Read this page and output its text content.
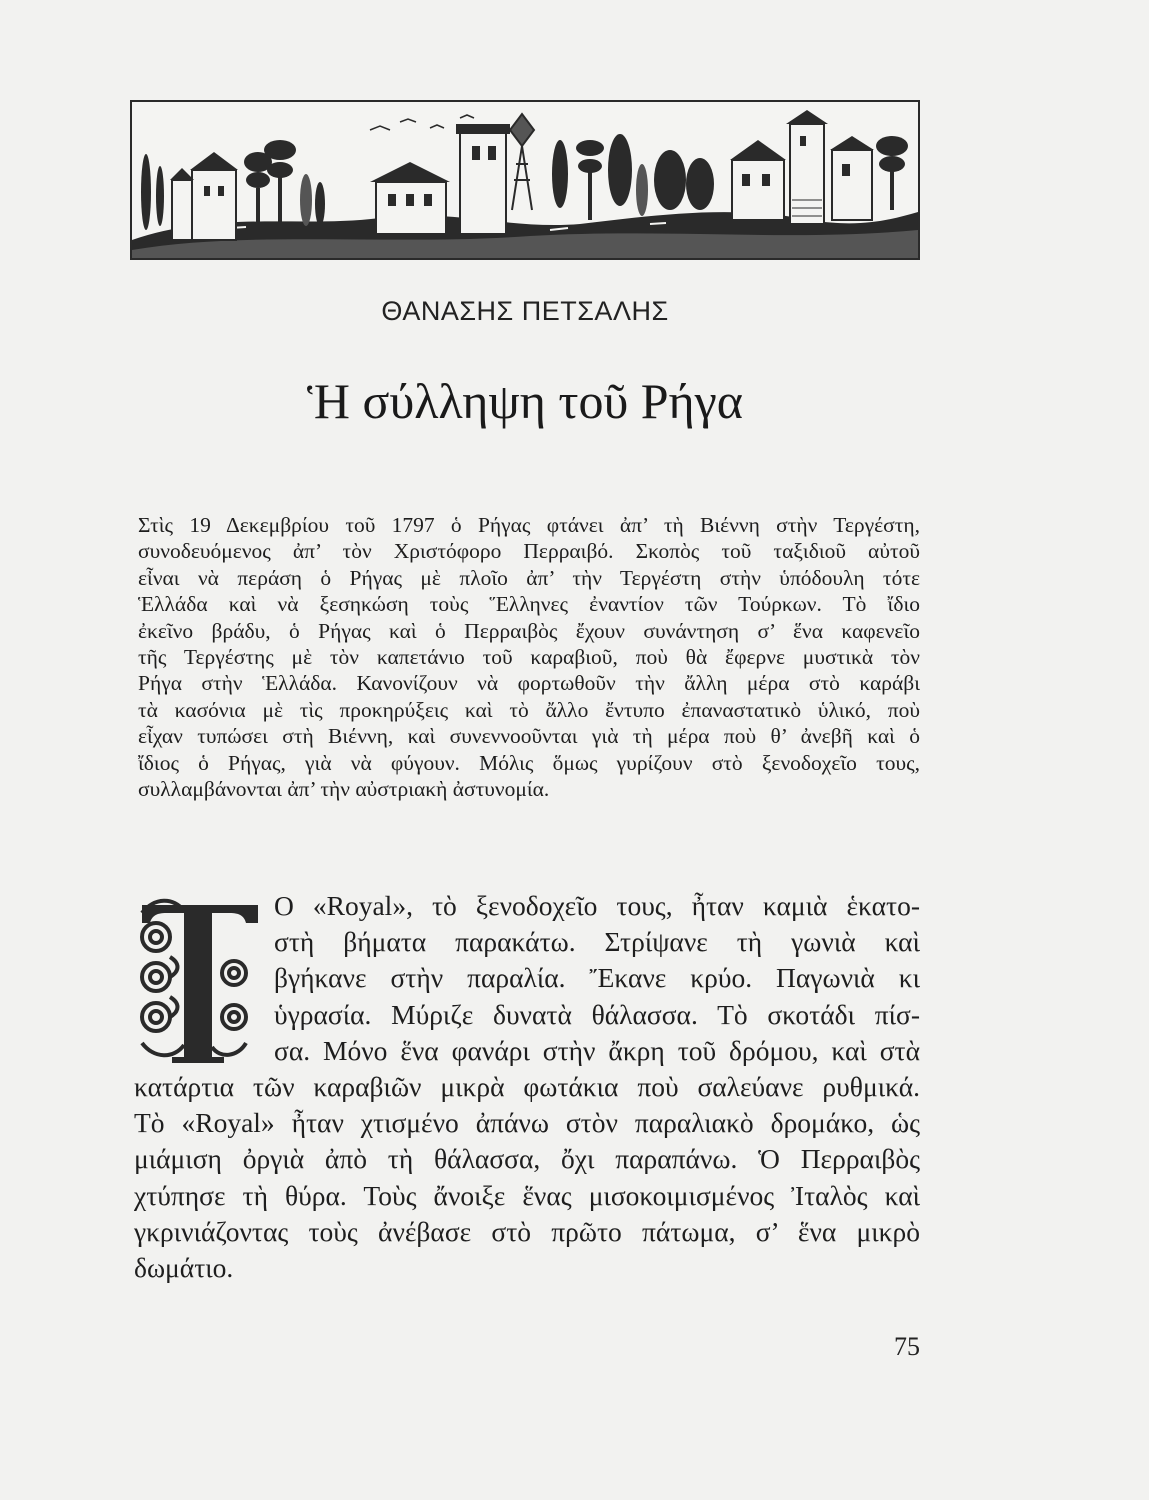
ΘΑΝΑΣΗΣ ΠΕΤΣΑΛΗΣ
Ἡ σύλληψη τοῦ Ρήγα
Στὶς 19 Δεκεμβρίου τοῦ 1797 ὁ Ρήγας φτάνει ἀπ’ τὴ Βιέννη στὴν Τεργέστη,
συνοδευόμενος ἀπ’ τὸν Χριστόφορο Περραιβό. Σκοπὸς τοῦ ταξιδιοῦ αὐτοῦ
εἶναι νὰ περάση ὁ Ρήγας μὲ πλοῖο ἀπ’ τὴν Τεργέστη στὴν ὑπόδουλη τότε
Ἑλλάδα καὶ νὰ ξεσηκώση τοὺς Ἕλληνες ἐναντίον τῶν Τούρκων. Τὸ ἴδιο
ἐκεῖνο βράδυ, ὁ Ρήγας καὶ ὁ Περραιβὸς ἔχουν συνάντηση σ’ ἕνα καφενεῖο
τῆς Τεργέστης μὲ τὸν καπετάνιο τοῦ καραβιοῦ, ποὺ θὰ ἔφερνε μυστικὰ τὸν
Ρήγα στὴν Ἑλλάδα. Κανονίζουν νὰ φορτωθοῦν τὴν ἄλλη μέρα στὸ καράβι
τὰ κασόνια μὲ τὶς προκηρύξεις καὶ τὸ ἄλλο ἔντυπο ἐπαναστατικὸ ὑλικό, ποὺ
εἶχαν τυπώσει στὴ Βιέννη, καὶ συνεννοοῦνται γιὰ τὴ μέρα ποὺ θ’ ἀνεβῆ καὶ ὁ
ἴδιος ὁ Ρήγας, γιὰ νὰ φύγουν. Μόλις ὅμως γυρίζουν στὸ ξενοδοχεῖο τους,
συλλαμβάνονται ἀπ’ τὴν αὐστριακὴ ἀστυνομία.
Ο «Royal», τὸ ξενοδοχεῖο τους, ἦταν καμιὰ ἑκατο-
στὴ βήματα παρακάτω. Στρίψανε τὴ γωνιὰ καὶ
βγήκανε στὴν παραλία. Ἔκανε κρύο. Παγωνιὰ κι
ὑγρασία. Μύριζε δυνατὰ θάλασσα. Τὸ σκοτάδι πίσ-
σα. Μόνο ἕνα φανάρι στὴν ἄκρη τοῦ δρόμου, καὶ στὰ
κατάρτια τῶν καραβιῶν μικρὰ φωτάκια ποὺ σαλεύανε ρυθμικά.
Τὸ «Royal» ἦταν χτισμένο ἀπάνω στὸν παραλιακὸ δρομάκο, ὡς
μιάμιση ὀργιὰ ἀπὸ τὴ θάλασσα, ὄχι παραπάνω. Ὁ Περραιβὸς
χτύπησε τὴ θύρα. Τοὺς ἄνοιξε ἕνας μισοκοιμισμένος Ἰταλὸς καὶ
γκρινιάζοντας τοὺς ἀνέβασε στὸ πρῶτο πάτωμα, σ’ ἕνα μικρὸ
δωμάτιο.
75
